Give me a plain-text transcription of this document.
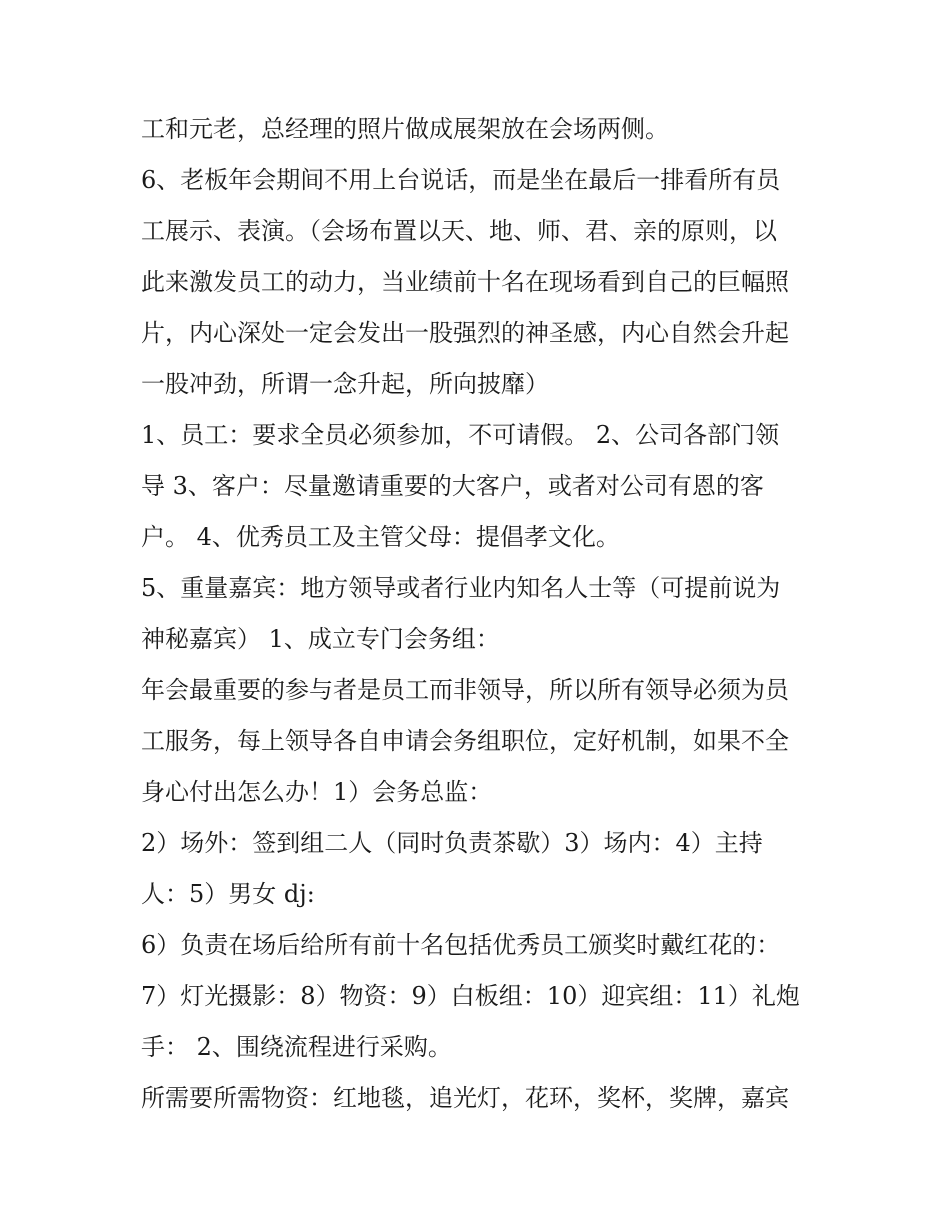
工和元老，总经理的照片做成展架放在会场两侧。
6、老板年会期间不用上台说话，而是坐在最后一排看所有员
工展示、表演。（会场布置以天、地、师、君、亲的原则，以
此来激发员工的动力，当业绩前十名在现场看到自己的巨幅照
片，内心深处一定会发出一股强烈的神圣感，内心自然会升起
一股冲劲，所谓一念升起，所向披靡）
1、员工：要求全员必须参加，不可请假。 2、公司各部门领
导 3、客户：尽量邀请重要的大客户，或者对公司有恩的客
户。 4、优秀员工及主管父母：提倡孝文化。
5、重量嘉宾：地方领导或者行业内知名人士等（可提前说为
神秘嘉宾） 1、成立专门会务组：
年会最重要的参与者是员工而非领导，所以所有领导必须为员
工服务，每上领导各自申请会务组职位，定好机制，如果不全
身心付出怎么办！1）会务总监：
2）场外：签到组二人（同时负责茶歇）3）场内：4）主持
人：5）男女 dj:
6）负责在场后给所有前十名包括优秀员工颁奖时戴红花的：
7）灯光摄影：8）物资：9）白板组：10）迎宾组：11）礼炮
手： 2、围绕流程进行采购。
所需要所需物资：红地毯，追光灯，花环，奖杯，奖牌，嘉宾
